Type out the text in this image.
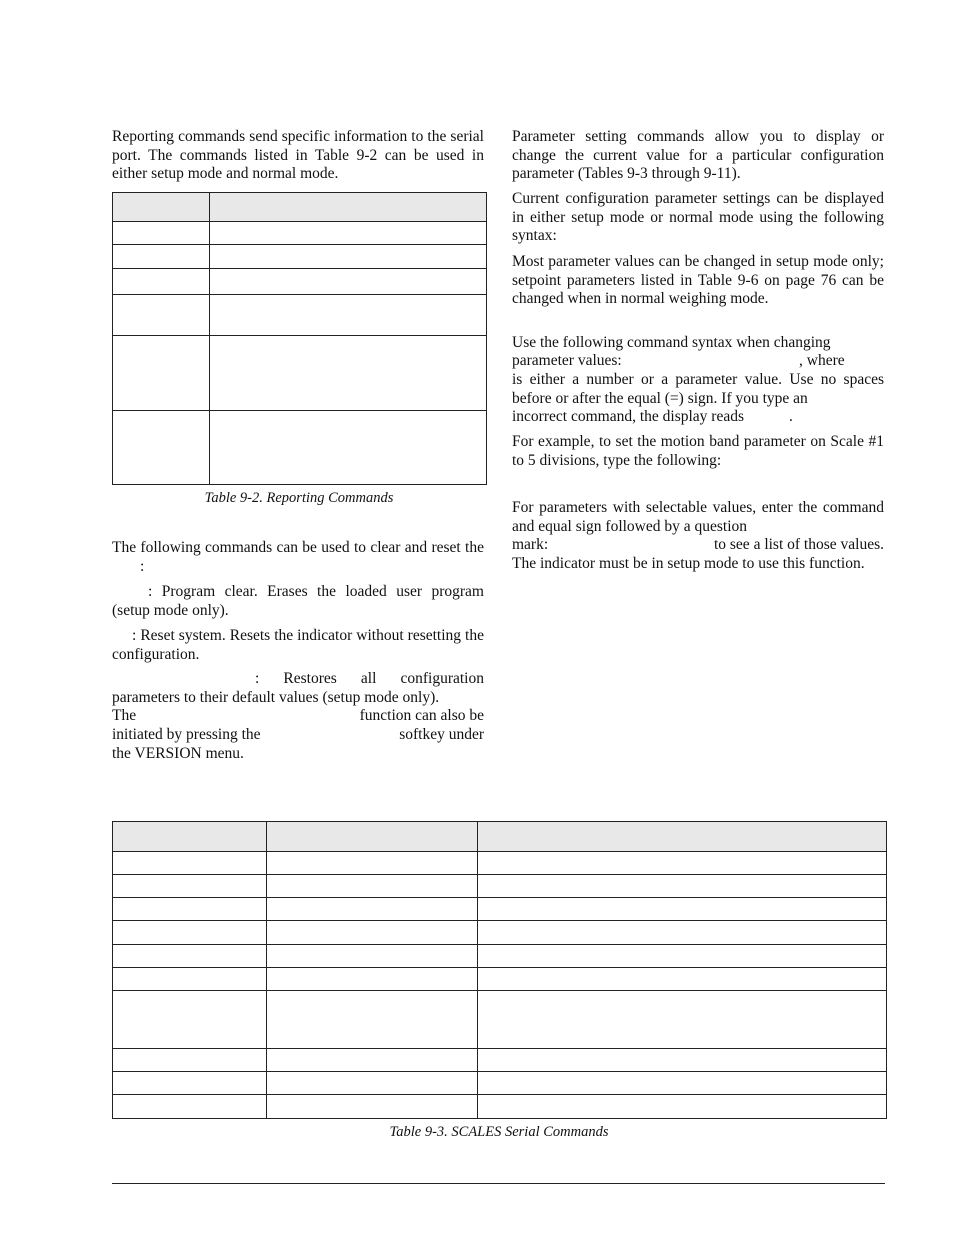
Reporting commands send specific information to the serial port. The commands listed in Table 9-2 can be used in either setup mode and normal mode.

Table 9-2. Reporting Commands

The following commands can be used to clear and reset the:

: Program clear. Erases the loaded user program (setup mode only).

: Reset system. Resets the indicator without resetting the configuration.

: Restores all configuration parameters to their default values (setup mode only).

The	function can also be
initiated by pressing the	softkey under
the VERSION menu.

Parameter setting commands allow you to display or change the current value for a particular configuration parameter (Tables 9-3 through 9-11).

Current configuration parameter settings can be displayed in either setup mode or normal mode using the following syntax:

Most parameter values can be changed in setup mode only; setpoint parameters listed in Table 9-6 on page 76 can be changed when in normal weighing mode.

Use the following command syntax when changing
parameter values:	, where

is either a number or a parameter value. Use no spaces before or after the equal (=) sign. If you type an

incorrect command, the display reads	.

For example, to set the motion band parameter on Scale #1 to 5 divisions, type the following:

For parameters with selectable values, enter the command and equal sign followed by a question

mark:	to see a list of those values.

The indicator must be in setup mode to use this function.

Table 9-3. SCALES Serial Commands
